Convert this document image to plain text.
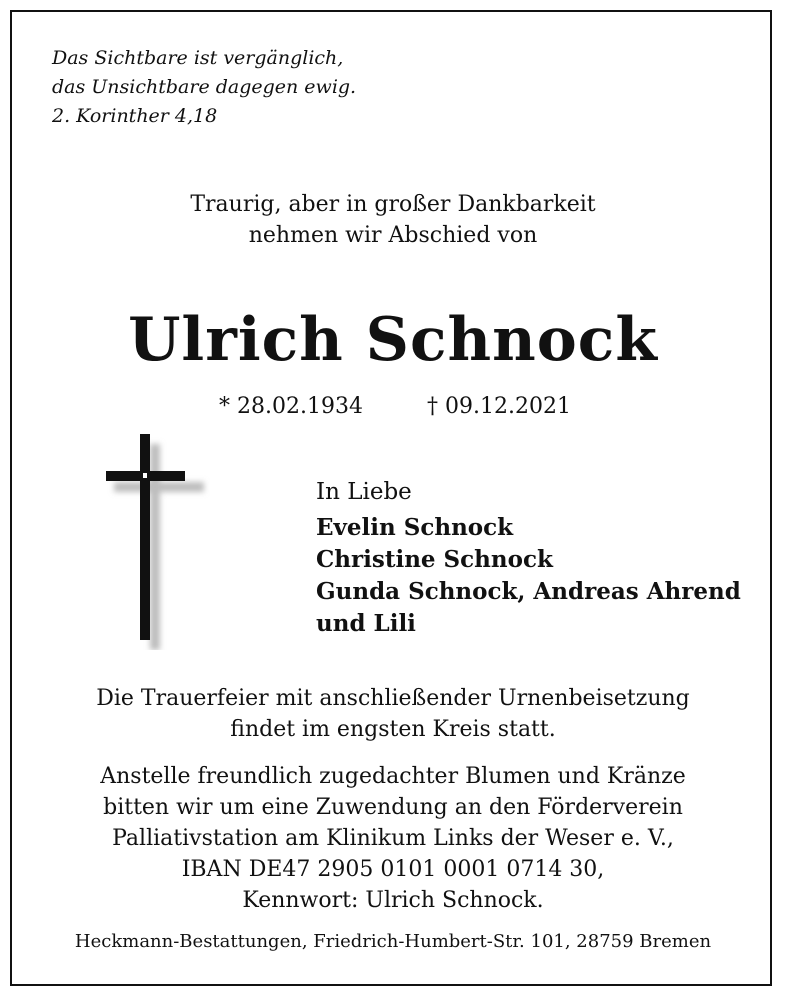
Das Sichtbare ist vergänglich,
das Unsichtbare dagegen ewig.
2. Korinther 4,18
Traurig, aber in großer Dankbarkeit
nehmen wir Abschied von
Ulrich Schnock
* 28.02.1934	† 09.12.2021
In Liebe
Evelin Schnock
Christine Schnock
Gunda Schnock, Andreas Ahrend
und Lili
Die Trauerfeier mit anschließender Urnenbeisetzung
findet im engsten Kreis statt.
Anstelle freundlich zugedachter Blumen und Kränze
bitten wir um eine Zuwendung an den Förderverein
Palliativstation am Klinikum Links der Weser e. V.,
IBAN DE47 2905 0101 0001 0714 30,
Kennwort: Ulrich Schnock.
Heckmann-Bestattungen, Friedrich-Humbert-Str. 101, 28759 Bremen
